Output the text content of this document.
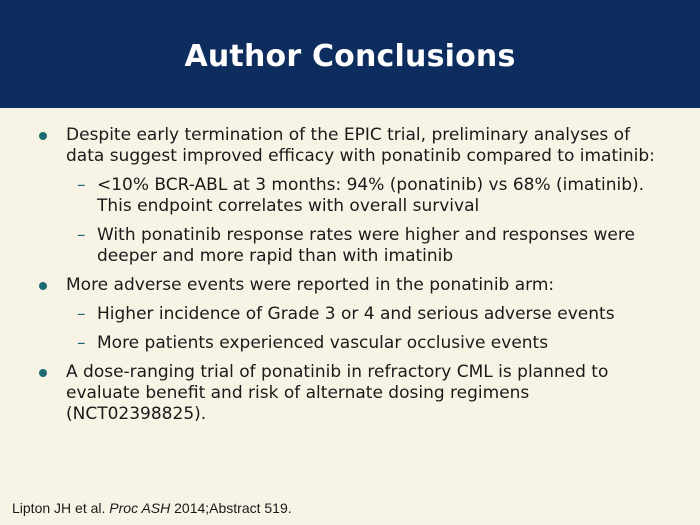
Author Conclusions
Despite early termination of the EPIC trial, preliminary analyses of data suggest improved efficacy with ponatinib compared to imatinib:
– <10% BCR-ABL at 3 months: 94% (ponatinib) vs 68% (imatinib). This endpoint correlates with overall survival
– With ponatinib response rates were higher and responses were deeper and more rapid than with imatinib
More adverse events were reported in the ponatinib arm:
– Higher incidence of Grade 3 or 4 and serious adverse events
– More patients experienced vascular occlusive events
A dose-ranging trial of ponatinib in refractory CML is planned to evaluate benefit and risk of alternate dosing regimens (NCT02398825).
Lipton JH et al. Proc ASH 2014;Abstract 519.
